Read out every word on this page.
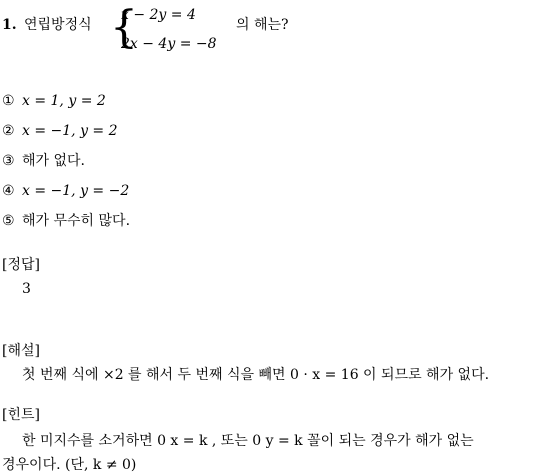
1. 연립방정식 {
x − 2y = 4
2x − 4y = −8
의 해는?
① x = 1, y = 2
② x = −1, y = 2
③ 해가 없다.
④ x = −1, y = −2
⑤ 해가 무수히 많다.
[정답]
3
[해설]
첫 번째 식에 ×2 를 해서 두 번째 식을 빼면 0 · x = 16 이 되므로 해가 없다.
[힌트]
한 미지수를 소거하면 0 x = k , 또는 0 y = k 꼴이 되는 경우가 해가 없는
경우이다. (단, k ≠ 0)
